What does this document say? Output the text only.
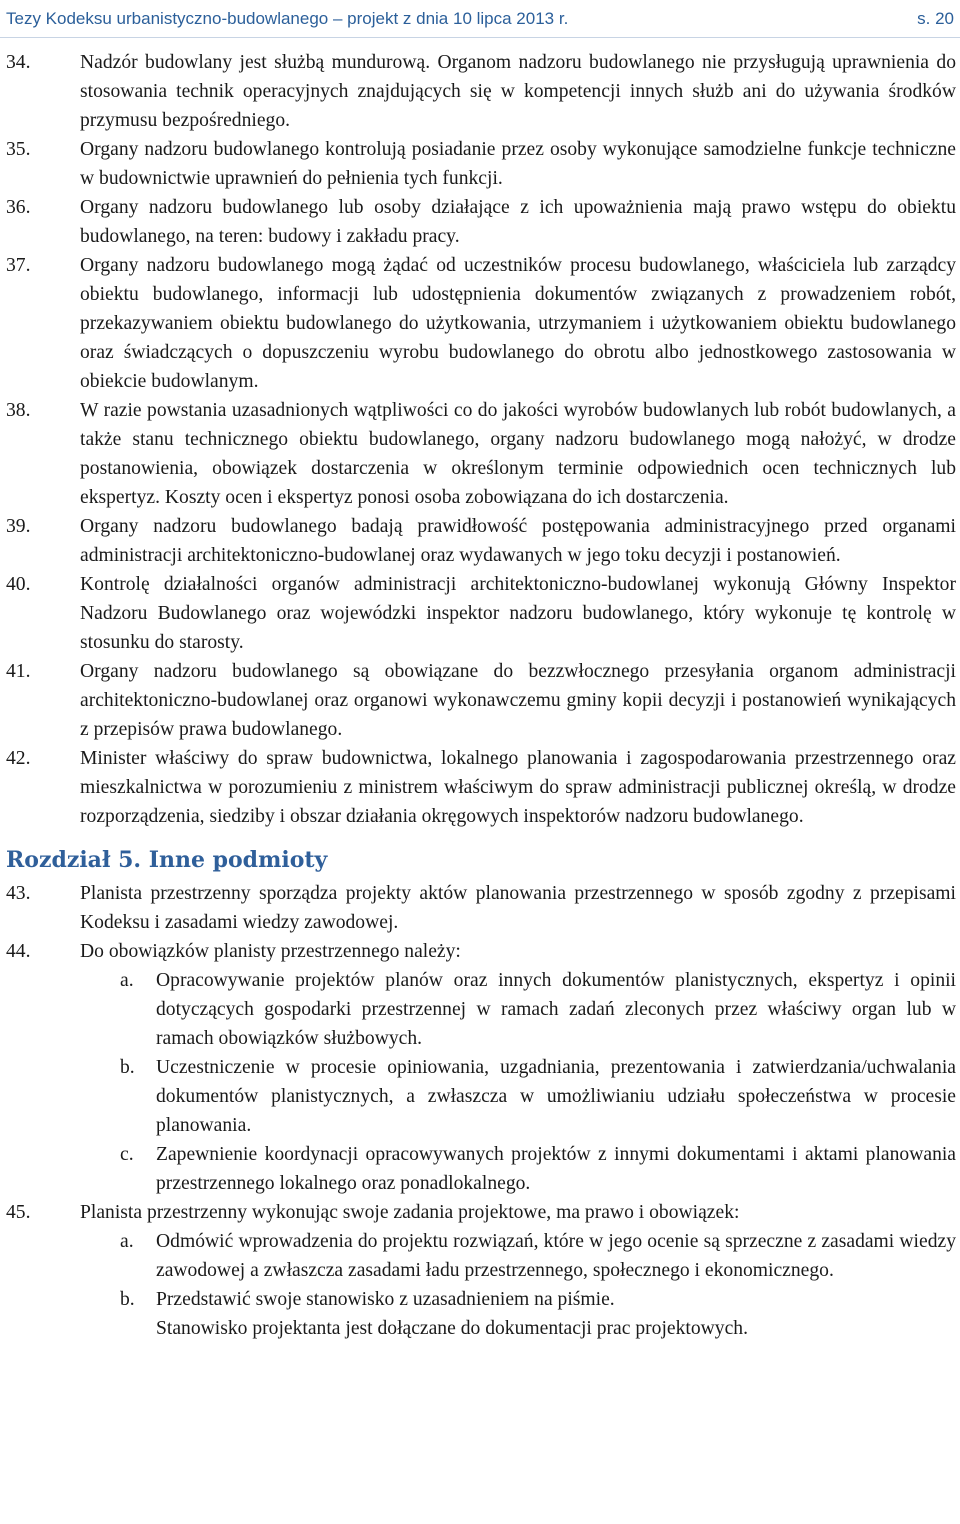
Tezy Kodeksu urbanistyczno-budowlanego – projekt z dnia 10 lipca 2013 r.	s. 20
34.	Nadzór budowlany jest służbą mundurową. Organom nadzoru budowlanego nie przysługują uprawnienia do stosowania technik operacyjnych znajdujących się w kompetencji innych służb ani do używania środków przymusu bezpośredniego.
35.	Organy nadzoru budowlanego kontrolują posiadanie przez osoby wykonujące samodzielne funkcje techniczne w budownictwie uprawnień do pełnienia tych funkcji.
36.	Organy nadzoru budowlanego lub osoby działające z ich upoważnienia mają prawo wstępu do obiektu budowlanego, na teren: budowy i zakładu pracy.
37.	Organy nadzoru budowlanego mogą żądać od uczestników procesu budowlanego, właściciela lub zarządcy obiektu budowlanego, informacji lub udostępnienia dokumentów związanych z prowadzeniem robót, przekazywaniem obiektu budowlanego do użytkowania, utrzymaniem i użytkowaniem obiektu budowlanego oraz świadczących o dopuszczeniu wyrobu budowlanego do obrotu albo jednostkowego zastosowania w obiekcie budowlanym.
38.	W razie powstania uzasadnionych wątpliwości co do jakości wyrobów budowlanych lub robót budowlanych, a także stanu technicznego obiektu budowlanego, organy nadzoru budowlanego mogą nałożyć, w drodze postanowienia, obowiązek dostarczenia w określonym terminie odpowiednich ocen technicznych lub ekspertyz. Koszty ocen i ekspertyz ponosi osoba zobowiązana do ich dostarczenia.
39.	Organy nadzoru budowlanego badają prawidłowość postępowania administracyjnego przed organami administracji architektoniczno-budowlanej oraz wydawanych w jego toku decyzji i postanowień.
40.	Kontrolę działalności organów administracji architektoniczno-budowlanej wykonują Główny Inspektor Nadzoru Budowlanego oraz wojewódzki inspektor nadzoru budowlanego, który wykonuje tę kontrolę w stosunku do starosty.
41.	Organy nadzoru budowlanego są obowiązane do bezzwłocznego przesyłania organom administracji architektoniczno-budowlanej oraz organowi wykonawczemu gminy kopii decyzji i postanowień wynikających z przepisów prawa budowlanego.
42.	Minister właściwy do spraw budownictwa, lokalnego planowania i zagospodarowania przestrzennego oraz mieszkalnictwa w porozumieniu z ministrem właściwym do spraw administracji publicznej określą, w drodze rozporządzenia, siedziby i obszar działania okręgowych inspektorów nadzoru budowlanego.
Rozdział 5. Inne podmioty
43.	Planista przestrzenny sporządza projekty aktów planowania przestrzennego w sposób zgodny z przepisami Kodeksu i zasadami wiedzy zawodowej.
44.	Do obowiązków planisty przestrzennego należy:
a. Opracowywanie projektów planów oraz innych dokumentów planistycznych, ekspertyz i opinii dotyczących gospodarki przestrzennej w ramach zadań zleconych przez właściwy organ lub w ramach obowiązków służbowych.
b. Uczestniczenie w procesie opiniowania, uzgadniania, prezentowania i zatwierdzania/uchwalania dokumentów planistycznych, a zwłaszcza w umożliwianiu udziału społeczeństwa w procesie planowania.
c. Zapewnienie koordynacji opracowywanych projektów z innymi dokumentami i aktami planowania przestrzennego lokalnego oraz ponadlokalnego.
45.	Planista przestrzenny wykonując swoje zadania projektowe, ma prawo i obowiązek:
a. Odmówić wprowadzenia do projektu rozwiązań, które w jego ocenie są sprzeczne z zasadami wiedzy zawodowej a zwłaszcza zasadami ładu przestrzennego, społecznego i ekonomicznego.
b. Przedstawić swoje stanowisko z uzasadnieniem na piśmie.
Stanowisko projektanta jest dołączane do dokumentacji prac projektowych.
